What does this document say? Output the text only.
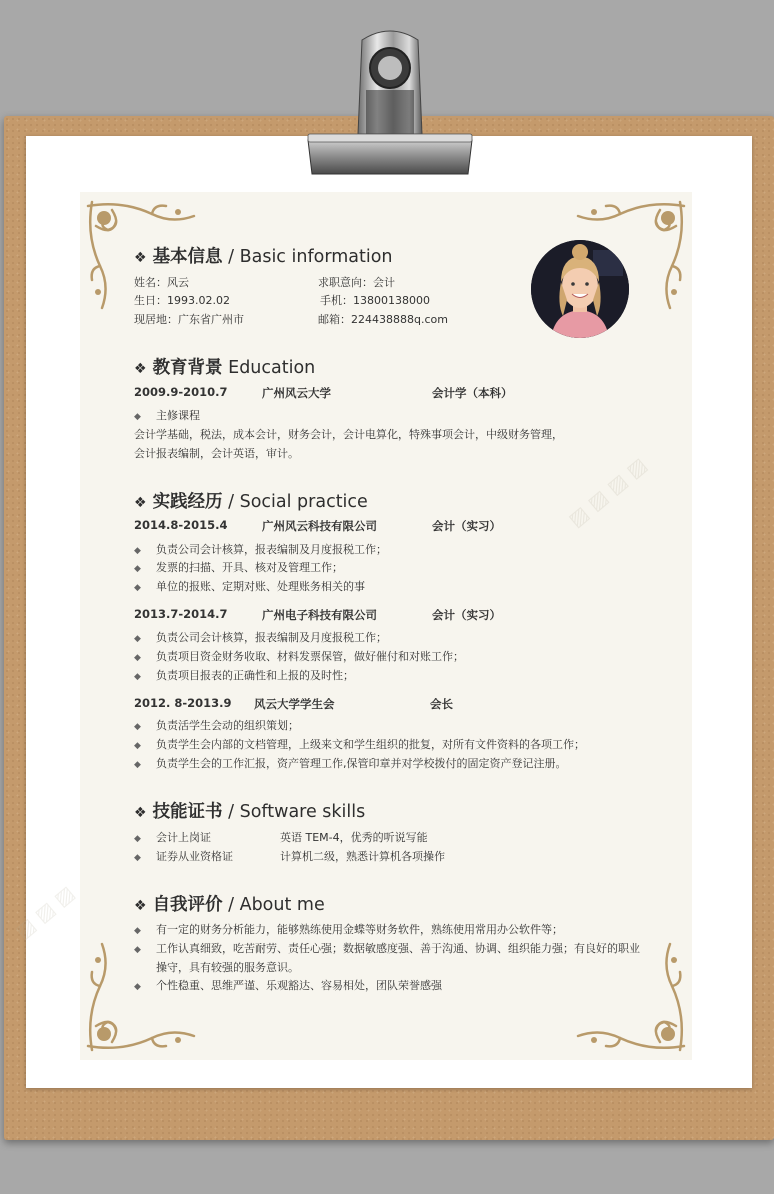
▨ ▨ ▨ ▨
▨ ▨ ▨
❖ 基本信息 / Basic information
姓名：风云	求职意向：会计
生日：1993.02.02	手机：13800138000
现居地：广东省广州市	邮箱：224438888q.com
❖ 教育背景 Education
2009.9-2010.7	广州风云大学	会计学（本科）
◆ 主修课程
会计学基础，税法，成本会计，财务会计，会计电算化，特殊事项会计，中级财务管理，
会计报表编制，会计英语，审计。
❖ 实践经历 / Social practice
2014.8-2015.4	广州风云科技有限公司	会计（实习）
◆ 负责公司会计核算，报表编制及月度报税工作；
◆ 发票的扫描、开具、核对及管理工作；
◆ 单位的报账、定期对账、处理账务相关的事
2013.7-2014.7	广州电子科技有限公司	会计（实习）
◆ 负责公司会计核算，报表编制及月度报税工作；
◆ 负责项目资金财务收取、材料发票保管，做好催付和对账工作；
◆ 负责项目报表的正确性和上报的及时性；
2012. 8-2013.9 风云大学学生会	会长
◆ 负责活学生会动的组织策划；
◆ 负责学生会内部的文档管理，上级来文和学生组织的批复，对所有文件资料的各项工作；
◆ 负责学生会的工作汇报，资产管理工作,保管印章并对学校拨付的固定资产登记注册。
❖ 技能证书 / Software skills
◆ 会计上岗证	英语 TEM-4，优秀的听说写能
◆ 证券从业资格证	计算机二级，熟悉计算机各项操作
❖ 自我评价 / About me
◆ 有一定的财务分析能力，能够熟练使用金蝶等财务软件，熟练使用常用办公软件等；
◆ 工作认真细致，吃苦耐劳、责任心强；数据敏感度强、善于沟通、协调、组织能力强；有良好的职业
操守，具有较强的服务意识。
◆ 个性稳重、思维严谨、乐观豁达、容易相处，团队荣誉感强
